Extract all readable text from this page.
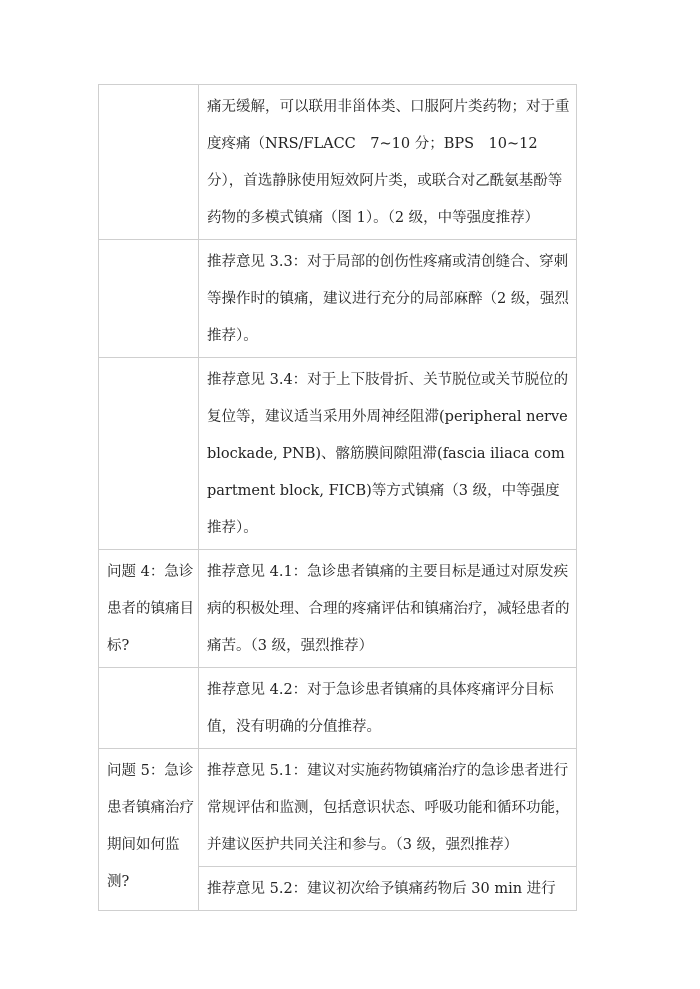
	痛无缓解，可以联用非甾体类、口服阿片类药物；对于重度疼痛（NRS/FLACC　7~10 分；BPS　10~12 分），首选静脉使用短效阿片类，或联合对乙酰氨基酚等药物的多模式镇痛（图 1）。（2 级，中等强度推荐）

	推荐意见 3.3：对于局部的创伤性疼痛或清创缝合、穿刺等操作时的镇痛，建议进行充分的局部麻醉（2 级，强烈推荐）。

	推荐意见 3.4：对于上下肢骨折、关节脱位或关节脱位的复位等，建议适当采用外周神经阻滞(peripheral nerve blockade, PNB)、髂筋膜间隙阻滞(fascia iliaca compartment block, FICB)等方式镇痛（3 级，中等强度推荐）。

问题 4：急诊患者的镇痛目标?	推荐意见 4.1：急诊患者镇痛的主要目标是通过对原发疾病的积极处理、合理的疼痛评估和镇痛治疗，减轻患者的痛苦。（3 级，强烈推荐）

	推荐意见 4.2：对于急诊患者镇痛的具体疼痛评分目标值，没有明确的分值推荐。

问题 5：急诊患者镇痛治疗期间如何监测?	推荐意见 5.1：建议对实施药物镇痛治疗的急诊患者进行常规评估和监测，包括意识状态、呼吸功能和循环功能，并建议医护共同关注和参与。（3 级，强烈推荐）

	推荐意见 5.2：建议初次给予镇痛药物后 30 min 进行
